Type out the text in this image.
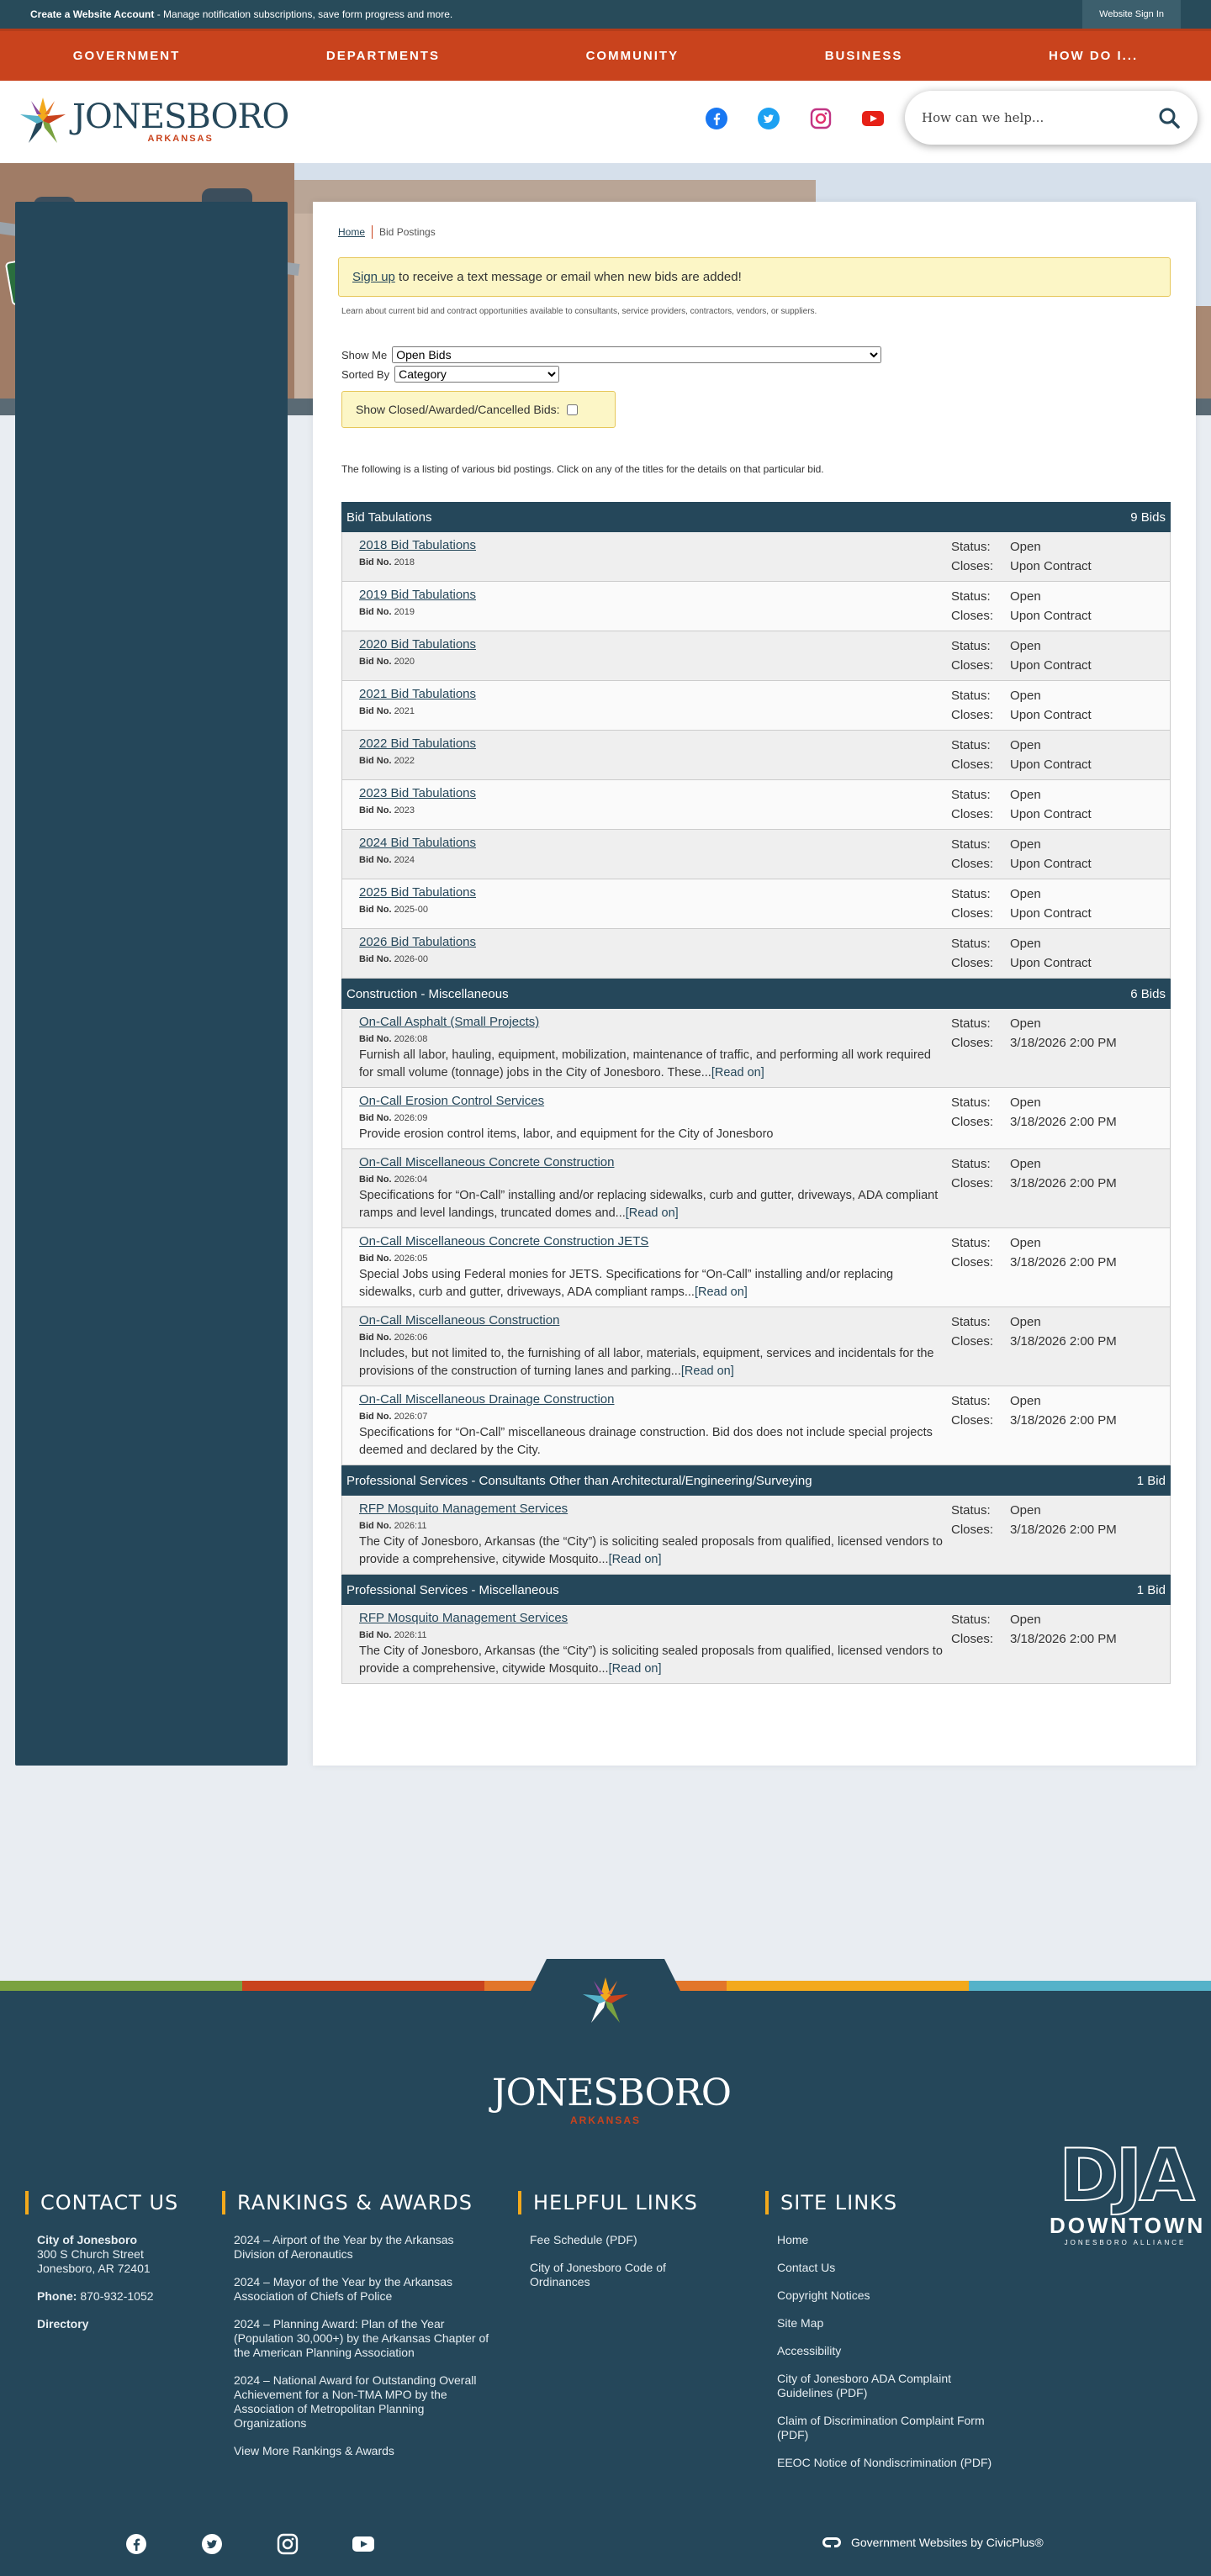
Create a Website Account - Manage notification subscriptions, save form progress and more.	Website Sign In
GOVERNMENT	DEPARTMENTS	COMMUNITY	BUSINESS	HOW DO I...
JONESBORO
ARKANSAS
How can we help...
Home Bid Postings
Sign up to receive a text message or email when new bids are added!
Learn about current bid and contract opportunities available to consultants, service providers, contractors, vendors, or suppliers.
Show Me
Open Bids
Sorted By
Category
Show Closed/Awarded/Cancelled Bids:
The following is a listing of various bid postings. Click on any of the titles for the details on that particular bid.
Bid Tabulations	9 Bids
2018 Bid Tabulations
Bid No. 2018
Status:	Open
Closes:	Upon Contract
2019 Bid Tabulations
Bid No. 2019
Status:	Open
Closes:	Upon Contract
2020 Bid Tabulations
Bid No. 2020
Status:	Open
Closes:	Upon Contract
2021 Bid Tabulations
Bid No. 2021
Status:	Open
Closes:	Upon Contract
2022 Bid Tabulations
Bid No. 2022
Status:	Open
Closes:	Upon Contract
2023 Bid Tabulations
Bid No. 2023
Status:	Open
Closes:	Upon Contract
2024 Bid Tabulations
Bid No. 2024
Status:	Open
Closes:	Upon Contract
2025 Bid Tabulations
Bid No. 2025-00
Status:	Open
Closes:	Upon Contract
2026 Bid Tabulations
Bid No. 2026-00
Status:	Open
Closes:	Upon Contract
Construction - Miscellaneous	6 Bids
On-Call Asphalt (Small Projects)
Bid No. 2026:08
Furnish all labor, hauling, equipment, mobilization, maintenance of traffic, and performing all work required for small volume (tonnage) jobs in the City of Jonesboro. These...[Read on]
Status:	Open
Closes:	3/18/2026 2:00 PM
On-Call Erosion Control Services
Bid No. 2026:09
Provide erosion control items, labor, and equipment for the City of Jonesboro
Status:	Open
Closes:	3/18/2026 2:00 PM
On-Call Miscellaneous Concrete Construction
Bid No. 2026:04
Specifications for “On-Call” installing and/or replacing sidewalks, curb and gutter, driveways, ADA compliant ramps and level landings, truncated domes and...[Read on]
Status:	Open
Closes:	3/18/2026 2:00 PM
On-Call Miscellaneous Concrete Construction JETS
Bid No. 2026:05
Special Jobs using Federal monies for JETS. Specifications for “On-Call” installing and/or replacing sidewalks, curb and gutter, driveways, ADA compliant ramps...[Read on]
Status:	Open
Closes:	3/18/2026 2:00 PM
On-Call Miscellaneous Construction
Bid No. 2026:06
Includes, but not limited to, the furnishing of all labor, materials, equipment, services and incidentals for the provisions of the construction of turning lanes and parking...[Read on]
Status:	Open
Closes:	3/18/2026 2:00 PM
On-Call Miscellaneous Drainage Construction
Bid No. 2026:07
Specifications for “On-Call” miscellaneous drainage construction. Bid dos does not include special projects deemed and declared by the City.
Status:	Open
Closes:	3/18/2026 2:00 PM
Professional Services - Consultants Other than Architectural/Engineering/Surveying	1 Bid
RFP Mosquito Management Services
Bid No. 2026:11
The City of Jonesboro, Arkansas (the “City”) is soliciting sealed proposals from qualified, licensed vendors to provide a comprehensive, citywide Mosquito...[Read on]
Status:	Open
Closes:	3/18/2026 2:00 PM
Professional Services - Miscellaneous	1 Bid
RFP Mosquito Management Services
Bid No. 2026:11
The City of Jonesboro, Arkansas (the “City”) is soliciting sealed proposals from qualified, licensed vendors to provide a comprehensive, citywide Mosquito...[Read on]
Status:	Open
Closes:	3/18/2026 2:00 PM
JONESBORO
ARKANSAS
CONTACT US

City of Jonesboro
300 S Church Street
Jonesboro, AR 72401

Phone: 870-932-1052

Directory

RANKINGS & AWARDS

2024 – Airport of the Year by the Arkansas Division of Aeronautics

2024 – Mayor of the Year by the Arkansas Association of Chiefs of Police

2024 – Planning Award: Plan of the Year (Population 30,000+) by the Arkansas Chapter of the American Planning Association

2024 – National Award for Outstanding Overall Achievement for a Non-TMA MPO by the Association of Metropolitan Planning Organizations

View More Rankings & Awards

HELPFUL LINKS

Fee Schedule (PDF)

City of Jonesboro Code of Ordinances

SITE LINKS

Home

Contact Us

Copyright Notices

Site Map

Accessibility

City of Jonesboro ADA Complaint Guidelines (PDF)

Claim of Discrimination Complaint Form (PDF)

EEOC Notice of Nondiscrimination (PDF)

DJA
DOWNTOWN
JONESBORO ALLIANCE
Government Websites by CivicPlus®
